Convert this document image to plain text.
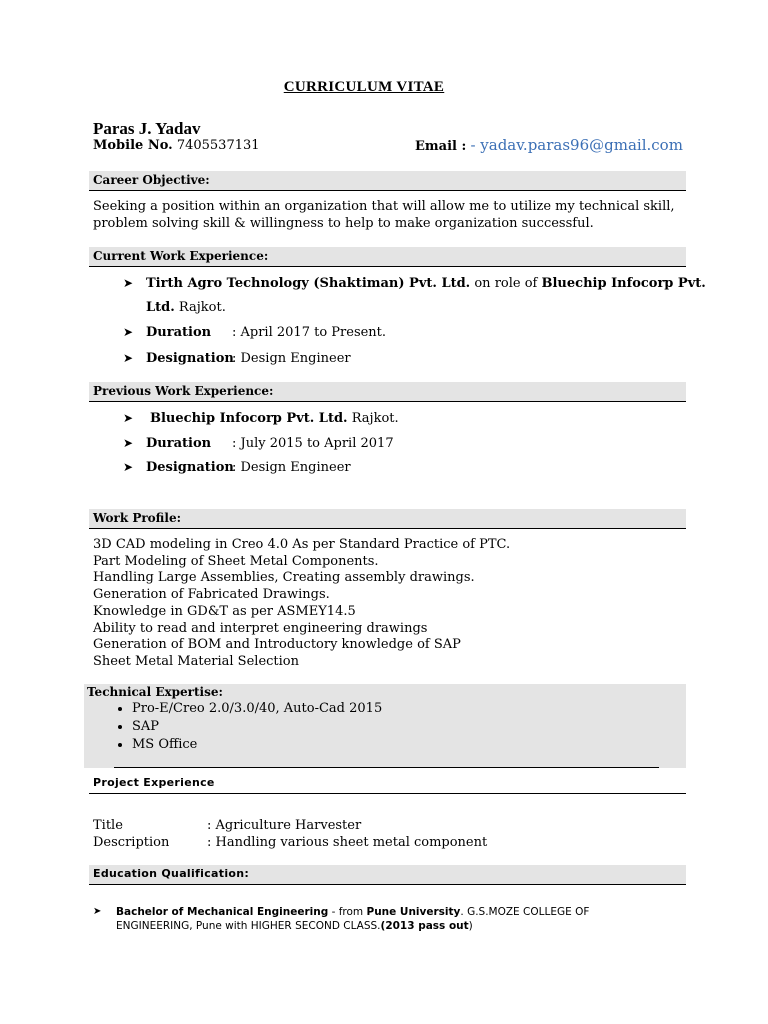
CURRICULUM VITAE
Paras J. Yadav
Mobile No. 7405537131	Email : - yadav.paras96@gmail.com
Career Objective:
Seeking a position within an organization that will allow me to utilize my technical skill,
problem solving skill & willingness to help to make organization successful.
Current Work Experience:
➤ Tirth Agro Technology (Shaktiman) Pvt. Ltd. on role of Bluechip Infocorp Pvt.
Ltd. Rajkot.
➤ Duration : April 2017 to Present.
➤ Designation: Design Engineer
Previous Work Experience:
➤ Bluechip Infocorp Pvt. Ltd. Rajkot.
➤ Duration : July 2015 to April 2017
➤ Designation: Design Engineer
Work Profile:
3D CAD modeling in Creo 4.0 As per Standard Practice of PTC.
Part Modeling of Sheet Metal Components.
Handling Large Assemblies, Creating assembly drawings.
Generation of Fabricated Drawings.
Knowledge in GD&T as per ASMEY14.5
Ability to read and interpret engineering drawings
Generation of BOM and Introductory knowledge of SAP
Sheet Metal Material Selection
Technical Expertise:
• Pro-E/Creo 2.0/3.0/40, Auto-Cad 2015
• SAP
• MS Office
Project Experience
Title	: Agriculture Harvester
Description	: Handling various sheet metal component
Education Qualification:
➤ Bachelor of Mechanical Engineering - from Pune University. G.S.MOZE COLLEGE OF ENGINEERING, Pune with HIGHER SECOND CLASS.(2013 pass out)
